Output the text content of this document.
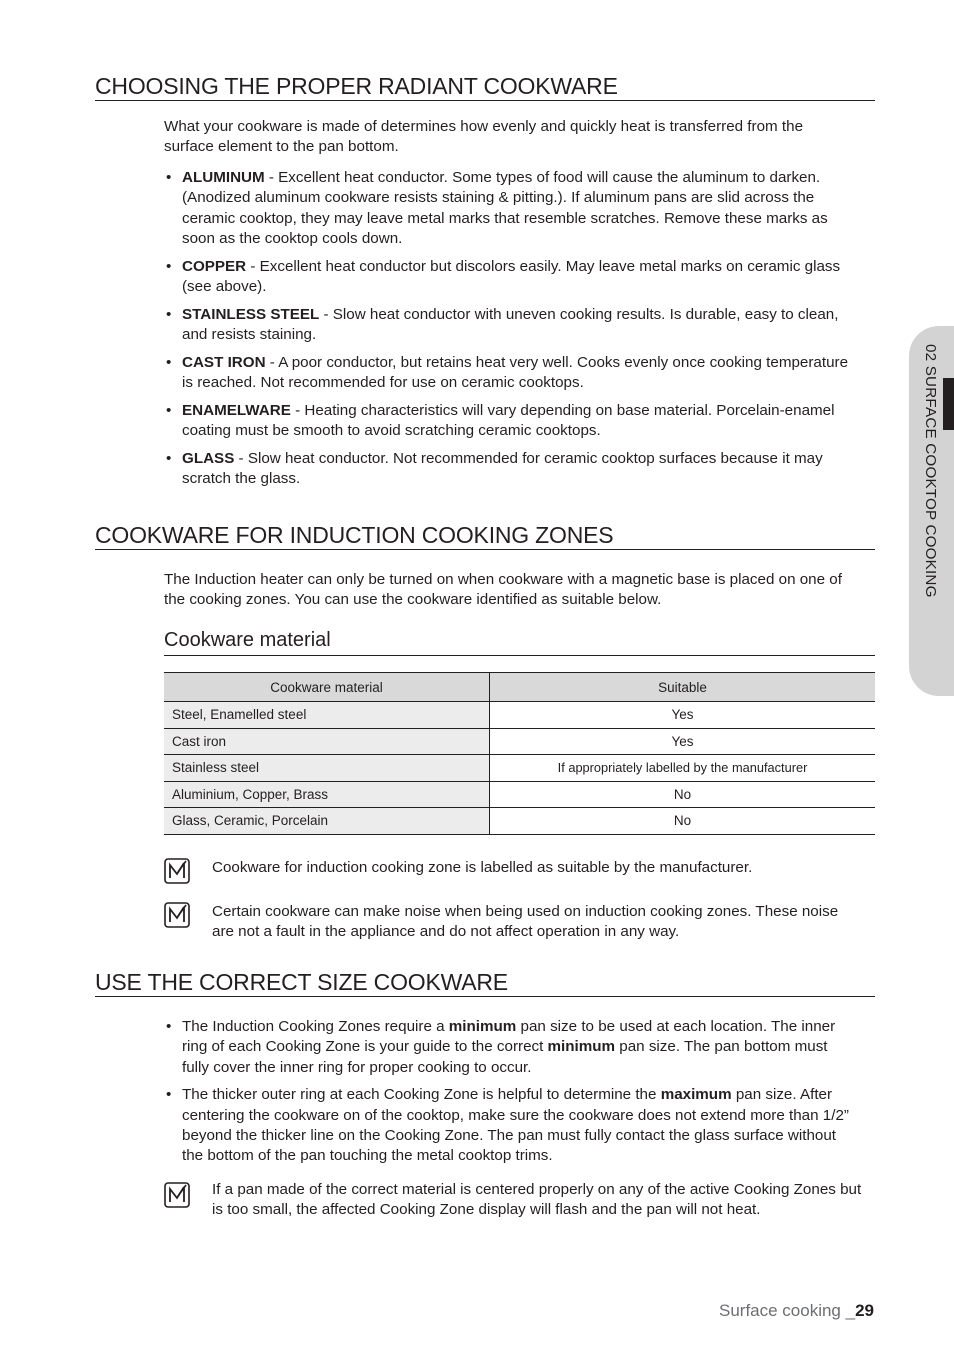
CHOOSING THE PROPER RADIANT COOKWARE

What your cookware is made of determines how evenly and quickly heat is transferred from the surface element to the pan bottom.

• ALUMINUM - Excellent heat conductor. Some types of food will cause the aluminum to darken. (Anodized aluminum cookware resists staining & pitting.). If aluminum pans are slid across the ceramic cooktop, they may leave metal marks that resemble scratches. Remove these marks as soon as the cooktop cools down.
• COPPER - Excellent heat conductor but discolors easily. May leave metal marks on ceramic glass (see above).
• STAINLESS STEEL - Slow heat conductor with uneven cooking results. Is durable, easy to clean, and resists staining.
• CAST IRON - A poor conductor, but retains heat very well. Cooks evenly once cooking temperature is reached. Not recommended for use on ceramic cooktops.
• ENAMELWARE - Heating characteristics will vary depending on base material. Porcelain-enamel coating must be smooth to avoid scratching ceramic cooktops.
• GLASS - Slow heat conductor. Not recommended for ceramic cooktop surfaces because it may scratch the glass.
COOKWARE FOR INDUCTION COOKING ZONES

The Induction heater can only be turned on when cookware with a magnetic base is placed on one of the cooking zones. You can use the cookware identified as suitable below.

Cookware material
Cookware material	Suitable
Steel, Enamelled steel	Yes
Cast iron	Yes
Stainless steel	If appropriately labelled by the manufacturer
Aluminium, Copper, Brass	No
Glass, Ceramic, Porcelain	No
Cookware for induction cooking zone is labelled as suitable by the manufacturer.
Certain cookware can make noise when being used on induction cooking zones. These noise are not a fault in the appliance and do not affect operation in any way.
USE THE CORRECT SIZE COOKWARE
• The Induction Cooking Zones require a minimum pan size to be used at each location. The inner ring of each Cooking Zone is your guide to the correct minimum pan size. The pan bottom must fully cover the inner ring for proper cooking to occur.
• The thicker outer ring at each Cooking Zone is helpful to determine the maximum pan size. After centering the cookware on of the cooktop, make sure the cookware does not extend more than 1/2” beyond the thicker line on the Cooking Zone. The pan must fully contact the glass surface without the bottom of the pan touching the metal cooktop trims.
If a pan made of the correct material is centered properly on any of the active Cooking Zones but is too small, the affected Cooking Zone display will flash and the pan will not heat.
02 SURFACE COOKTOP COOKING
Surface cooking _29
